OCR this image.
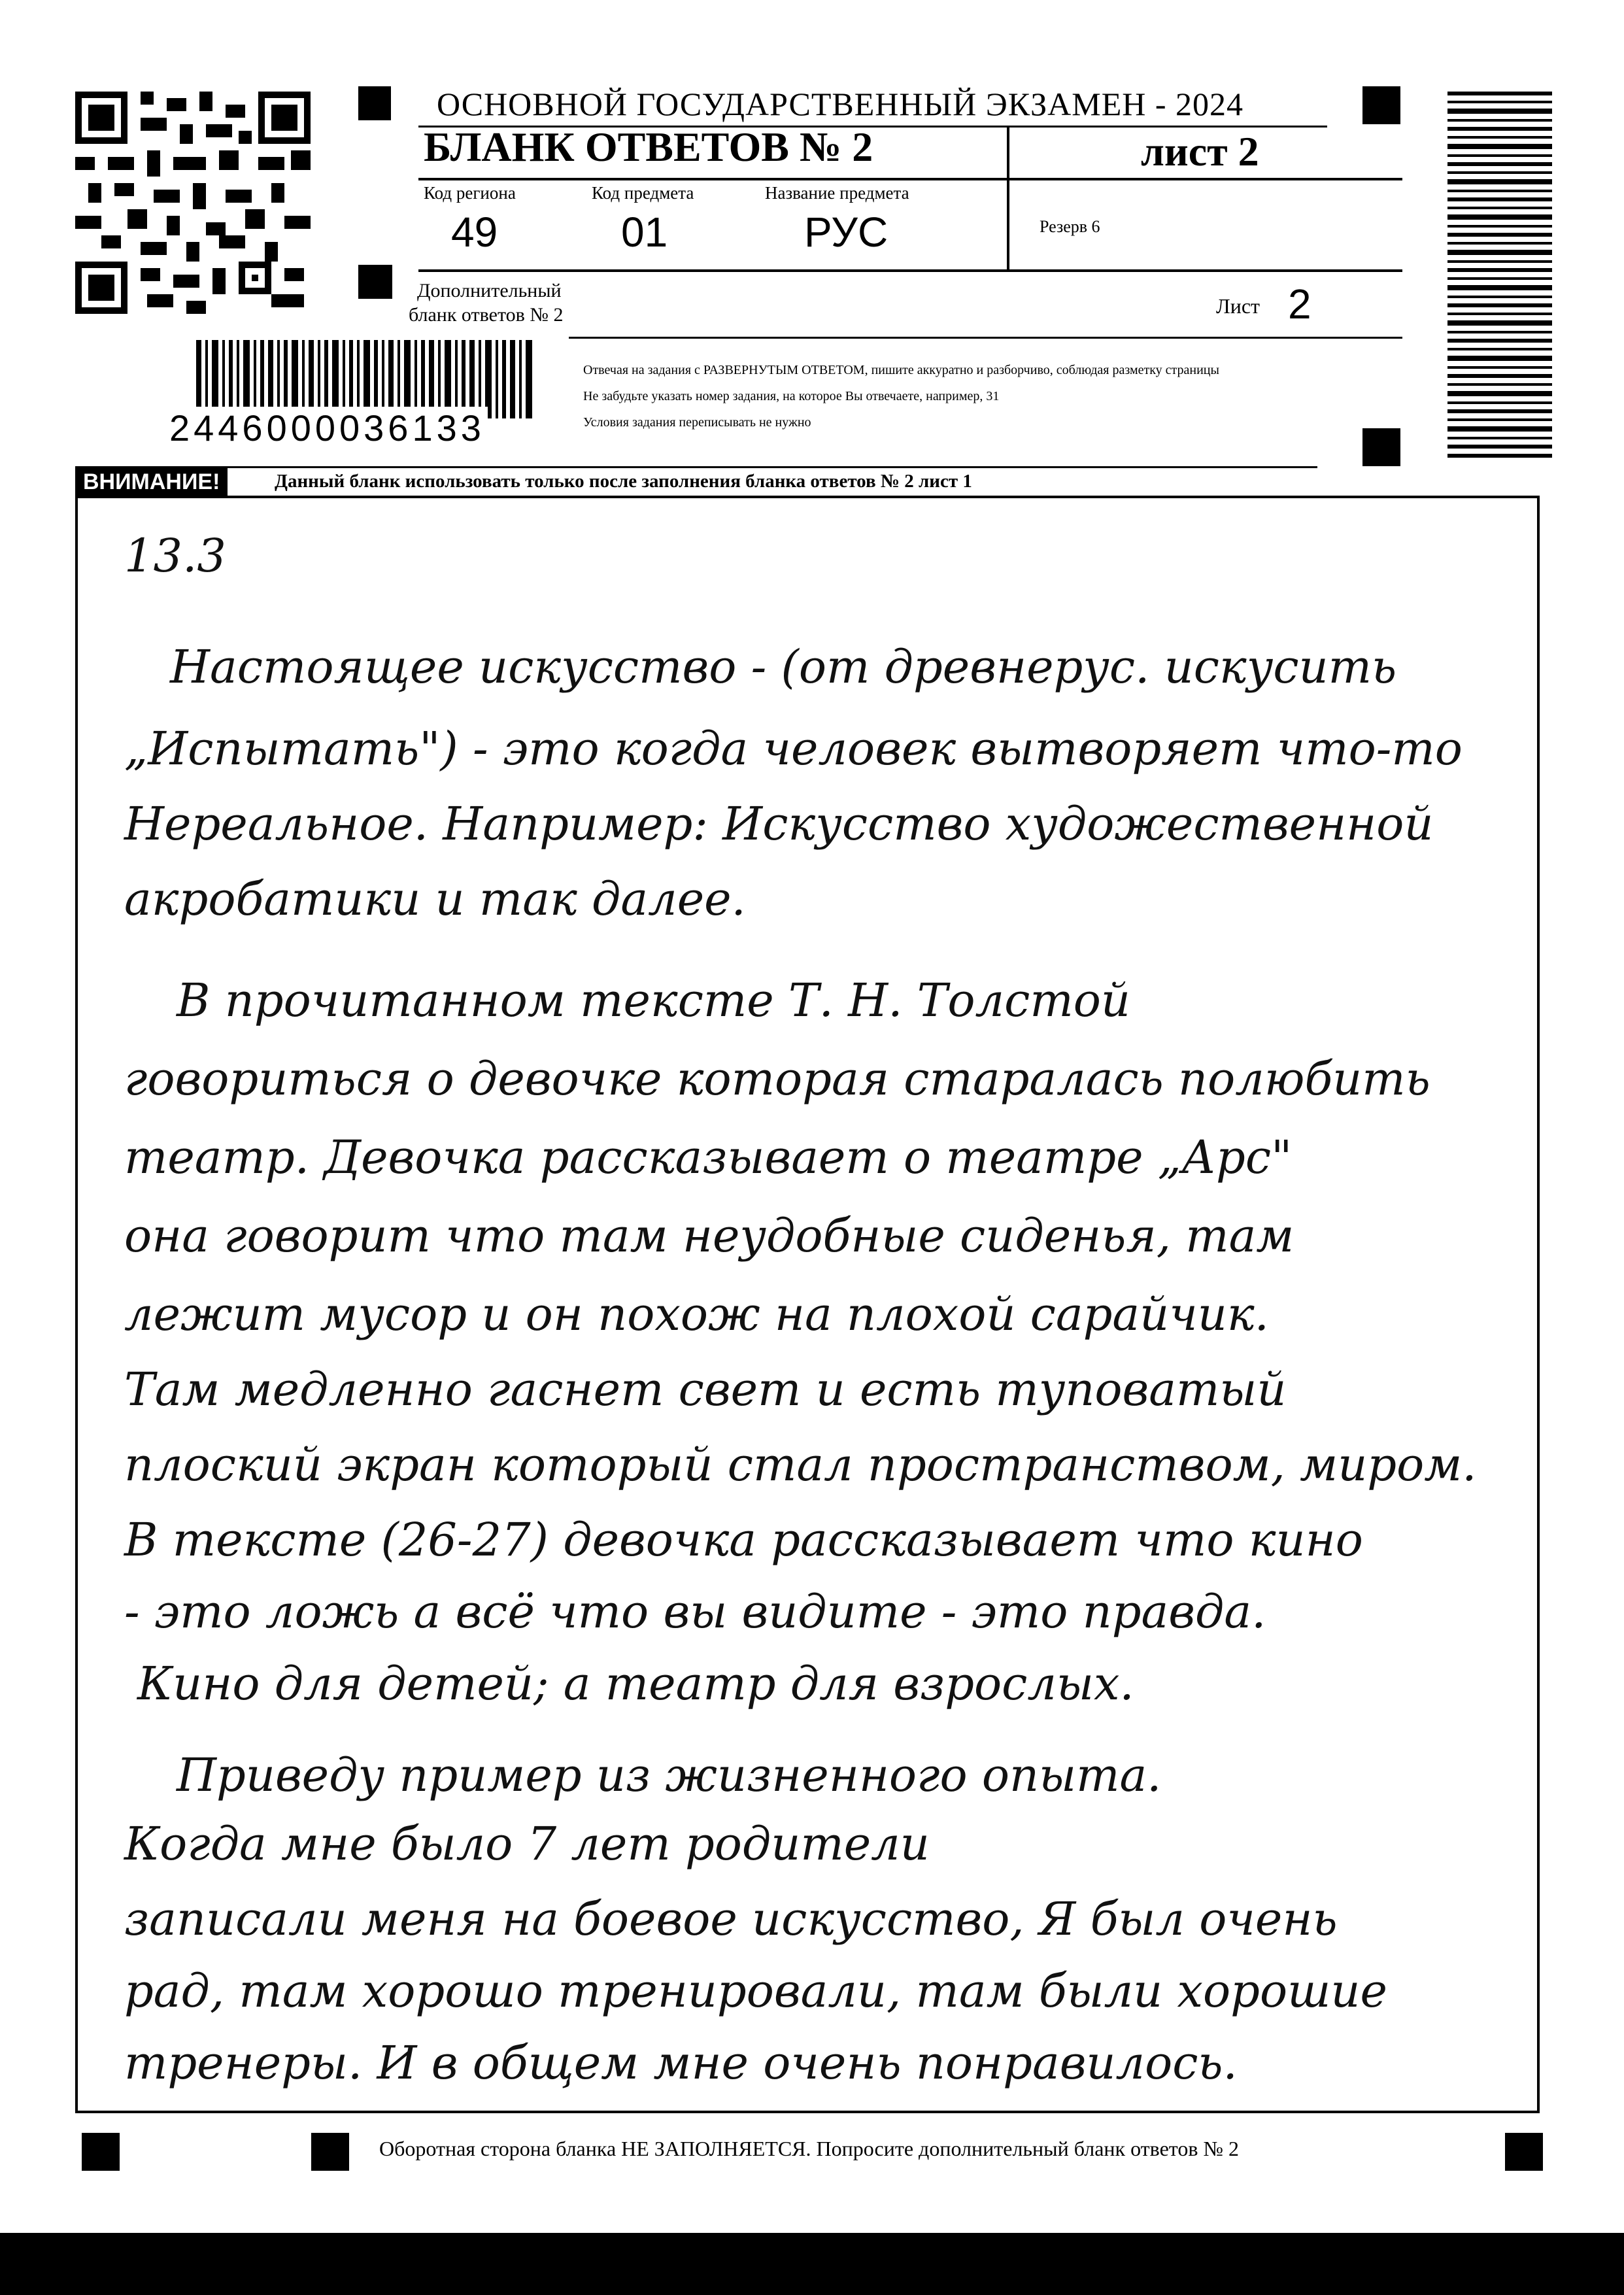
ОСНОВНОЙ ГОСУДАРСТВЕННЫЙ ЭКЗАМЕН - 2024
БЛАНК ОТВЕТОВ № 2	лист 2
Код региона
49
Код предмета
01
Название предмета
РУС	Резерв 6
Дополнительный
бланк ответов № 2	Лист 2
2446000036133
Отвечая на задания с РАЗВЕРНУТЫМ ОТВЕТОМ, пишите аккуратно и разборчиво, соблюдая разметку страницы
Не забудьте указать номер задания, на которое Вы отвечаете, например, 31
Условия задания переписывать не нужно
ВНИМАНИЕ!	Данный бланк использовать только после заполнения бланка ответов № 2 лист 1
13.3
Настоящее искусство - (от древнерус. искусить
„Испытать") - это когда человек вытворяет что-то
Нереальное. Например: Искусство художественной
акробатики и так далее.
В прочитанном тексте Т. Н. Толстой
говориться о девочке которая старалась полюбить
театр. Девочка рассказывает о театре „Арс"
она говорит что там неудобные сиденья, там
лежит мусор и он похож на плохой сарайчик.
Там медленно гаснет свет и есть туповатый
плоский экран который стал пространством, миром.
В тексте (26-27) девочка рассказывает что кино
- это ложь а всё что вы видите - это правда.
Кино для детей; а театр для взрослых.
Приведу пример из жизненного опыта.
Когда мне было 7 лет родители
записали меня на боевое искусство, Я был очень
рад, там хорошо тренировали, там были хорошие
тренеры. И в общем мне очень понравилось.
Оборотная сторона бланка НЕ ЗАПОЛНЯЕТСЯ. Попросите дополнительный бланк ответов № 2
